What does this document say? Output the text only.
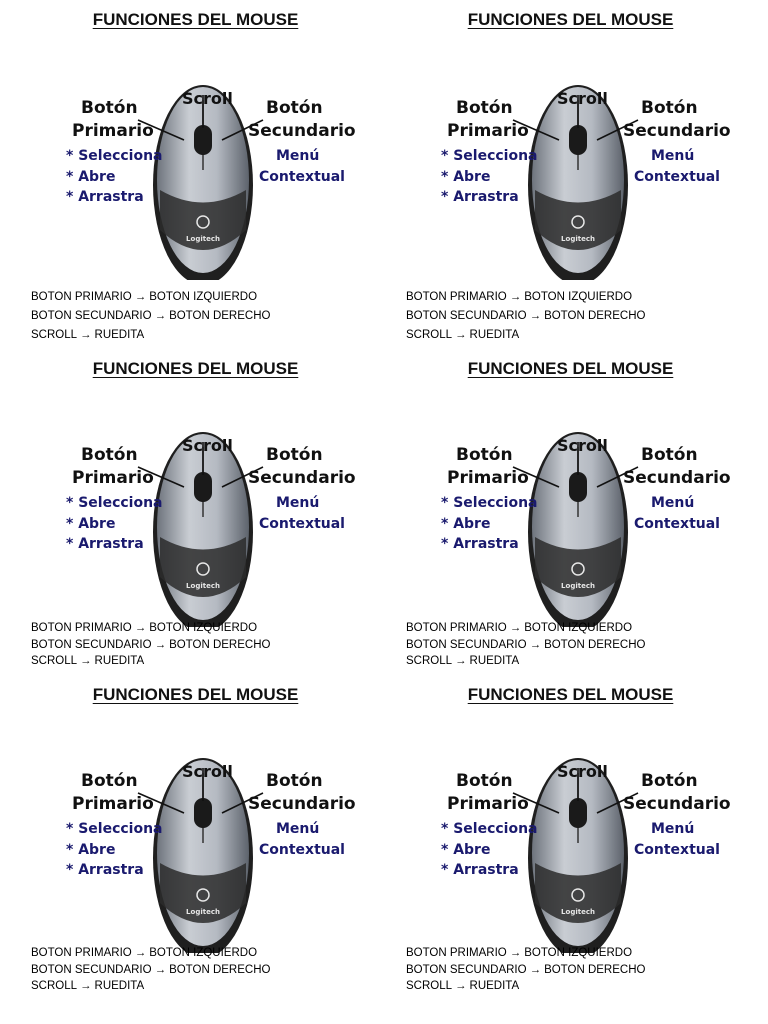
FUNCIONES DEL MOUSE
Logitech
Botón
Primario
Scroll Botón
Secundario
* Selecciona
* Abre
* Arrastra
Menú
Contextual
BOTON PRIMARIO → BOTON IZQUIERDO
BOTON SECUNDARIO → BOTON DERECHO
SCROLL → RUEDITA
FUNCIONES DEL MOUSE
Logitech
Botón
Primario
Scroll Botón
Secundario
* Selecciona
* Abre
* Arrastra
Menú
Contextual
BOTON PRIMARIO → BOTON IZQUIERDO
BOTON SECUNDARIO → BOTON DERECHO
SCROLL → RUEDITA
FUNCIONES DEL MOUSE
Logitech
Botón
Primario
Scroll Botón
Secundario
* Selecciona
* Abre
* Arrastra
Menú
Contextual
BOTON PRIMARIO → BOTON IZQUIERDO
BOTON SECUNDARIO → BOTON DERECHO
SCROLL → RUEDITA
FUNCIONES DEL MOUSE
Logitech
Botón
Primario
Scroll Botón
Secundario
* Selecciona
* Abre
* Arrastra
Menú
Contextual
BOTON PRIMARIO → BOTON IZQUIERDO
BOTON SECUNDARIO → BOTON DERECHO
SCROLL → RUEDITA
FUNCIONES DEL MOUSE
Logitech
Botón
Primario
Scroll Botón
Secundario
* Selecciona
* Abre
* Arrastra
Menú
Contextual
BOTON PRIMARIO → BOTON IZQUIERDO
BOTON SECUNDARIO → BOTON DERECHO
SCROLL → RUEDITA
FUNCIONES DEL MOUSE
Logitech
Botón
Primario
Scroll Botón
Secundario
* Selecciona
* Abre
* Arrastra
Menú
Contextual
BOTON PRIMARIO → BOTON IZQUIERDO
BOTON SECUNDARIO → BOTON DERECHO
SCROLL → RUEDITA
